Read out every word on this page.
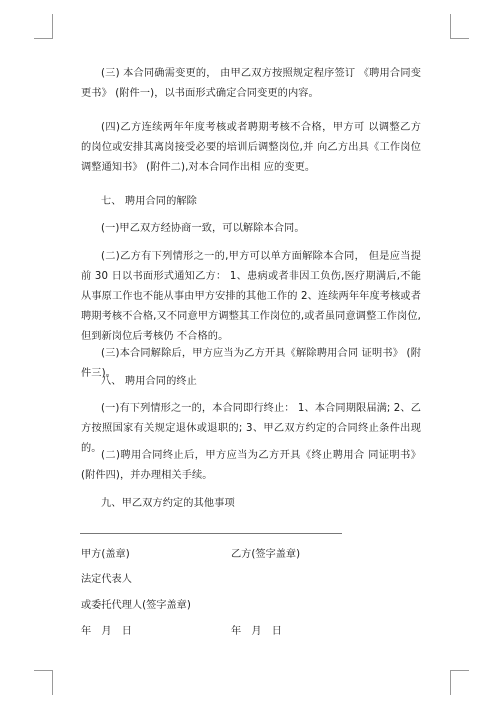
(三) 本合同确需变更的， 由甲乙双方按照规定程序签订 《聘用合同变更书》 (附件一)，以书面形式确定合同变更的内容。

(四)乙方连续两年年度考核或者聘期考核不合格，甲方可 以调整乙方的岗位或安排其离岗接受必要的培训后调整岗位,并 向乙方出具《工作岗位调整通知书》 (附件二),对本合同作出相 应的变更。

七、 聘用合同的解除

(一)甲乙双方经协商一致，可以解除本合同。

(二)乙方有下列情形之一的,甲方可以单方面解除本合同， 但是应当提前 30 日以书面形式通知乙方： 1、患病或者非因工负伤,医疗期满后,不能从事原工作也不能从事由甲方安排的其他工作的 2、连续两年年度考核或者聘期考核不合格,又不同意甲方调整其工作岗位的,或者虽同意调整工作岗位,但到新岗位后考核仍 不合格的。

(三)本合同解除后，甲方应当为乙方开具《解除聘用合同 证明书》 (附件三)。

八、 聘用合同的终止

(一)有下列情形之一的，本合同即行终止： 1、本合同期限届满; 2、乙方按照国家有关规定退休或退职的; 3、甲乙双方约定的合同终止条件出现的。

(二)聘用合同终止后，甲方应当为乙方开具《终止聘用合 同证明书》 (附件四)，并办理相关手续。

九、甲乙双方约定的其他事项

甲方(盖章)	乙方(签字盖章)
法定代表人
或委托代理人(签字盖章)
年　月　日	年　月　日
